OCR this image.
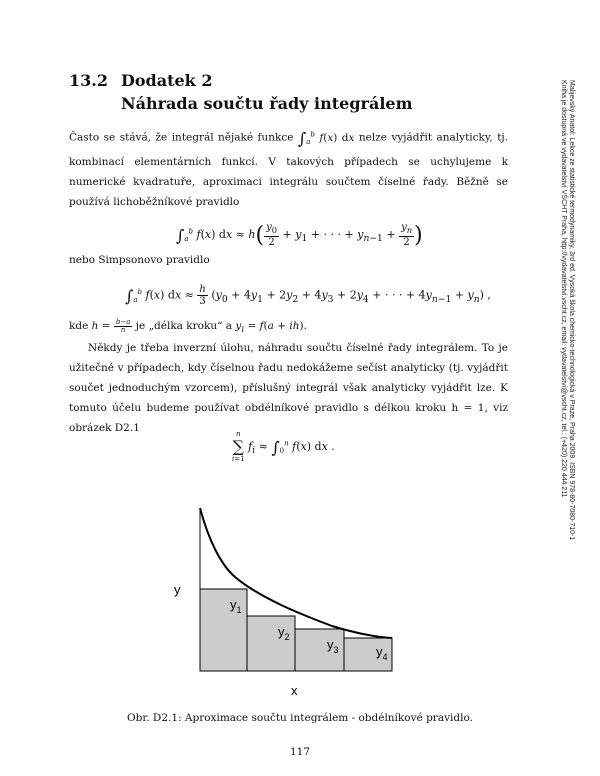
Malijevský Anatol: Lekce ze statistické termodynamiky, 3rd ed. Vysoká škola chemicko-technologická v Praze, Praha 2009. ISBN 978-80-7080-710-1
Kniha je dostupná ve vydavatelství VŠCHT Praha, http://vydavatelstvi.vscht.cz, email: vydavatelstvi@vscht.cz, tel.: (+420) 220 444 211
13.2 Dodatek 2
Náhrada součtu řady integrálem
Často se stává, že integrál nějaké funkce $\int_a^b$ f(x) dx nelze vyjádřit analyticky, tj. kombinací elementárních funkcí. V takových případech se uchylujeme k numerické kvadratuře, aproximaci integrálu součtem číselné řady. Běžně se používá lichoběžníkové pravidlo
$\int_a^b$ f(x) dx ≈ $h( \frac{y_0}{2} + y_1$ + · · · + $y_{n-1} + \frac{y_n}{2}$ )
nebo Simpsonovo pravidlo
$\int_a^b$ f(x) dx ≈ $\frac{h}{3} (y_0 + 4y_1 + 2y_2 + 4y_3 + 2y_4$ + · · · + $4y_{n-1} + y_n$) ,
kde $h = \frac{b-a}{n}$ je „délka kroku“ a $y_i = f(a + ih)$.
Někdy je třeba inverzní úlohu, náhradu součtu číselné řady integrálem. To je užitečné v případech, kdy číselnou řadu nedokážeme sečíst analyticky (tj. vyjádřit součet jednoduchým vzorcem), příslušný integrál však analyticky vyjádřit lze. K tomuto účelu budeme používat obdélníkové pravidlo s délkou kroku h = 1, viz obrázek D2.1	n
∑
i=1
$f_i \approx \int_0^n$ f(x) dx .
y
x
$y_1$
$y_2$	$y_3$	$y_4$
Obr. D2.1: Aproximace součtu integrálem - obdélníkové pravidlo.
117
